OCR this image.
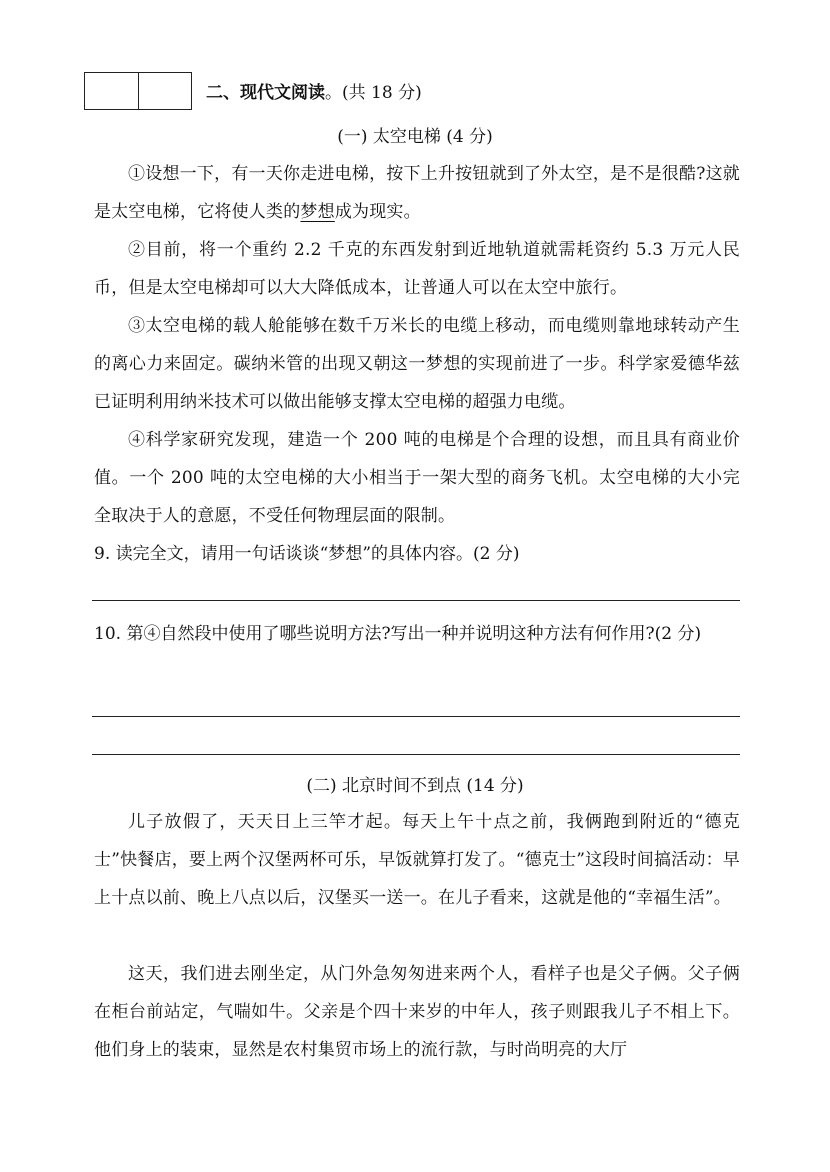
二、现代文阅读。(共 18 分)
(一) 太空电梯 (4 分)
①设想一下，有一天你走进电梯，按下上升按钮就到了外太空，是不是很酷?这就是太空电梯，它将使人类的梦想成为现实。
②目前，将一个重约 2.2 千克的东西发射到近地轨道就需耗资约 5.3 万元人民币，但是太空电梯却可以大大降低成本，让普通人可以在太空中旅行。
③太空电梯的载人舱能够在数千万米长的电缆上移动，而电缆则靠地球转动产生的离心力来固定。碳纳米管的出现又朝这一梦想的实现前进了一步。科学家爱德华兹已证明利用纳米技术可以做出能够支撑太空电梯的超强力电缆。
④科学家研究发现，建造一个 200 吨的电梯是个合理的设想，而且具有商业价值。一个 200 吨的太空电梯的大小相当于一架大型的商务飞机。太空电梯的大小完全取决于人的意愿，不受任何物理层面的限制。
9. 读完全文，请用一句话谈谈“梦想”的具体内容。(2 分)
10. 第④自然段中使用了哪些说明方法?写出一种并说明这种方法有何作用?(2 分)
(二) 北京时间不到点 (14 分)
儿子放假了，天天日上三竿才起。每天上午十点之前，我俩跑到附近的“德克士”快餐店，要上两个汉堡两杯可乐，早饭就算打发了。“德克士”这段时间搞活动：早上十点以前、晚上八点以后，汉堡买一送一。在儿子看来，这就是他的“幸福生活”。
这天，我们进去刚坐定，从门外急匆匆进来两个人，看样子也是父子俩。父子俩在柜台前站定，气喘如牛。父亲是个四十来岁的中年人，孩子则跟我儿子不相上下。他们身上的装束，显然是农村集贸市场上的流行款，与时尚明亮的大厅
